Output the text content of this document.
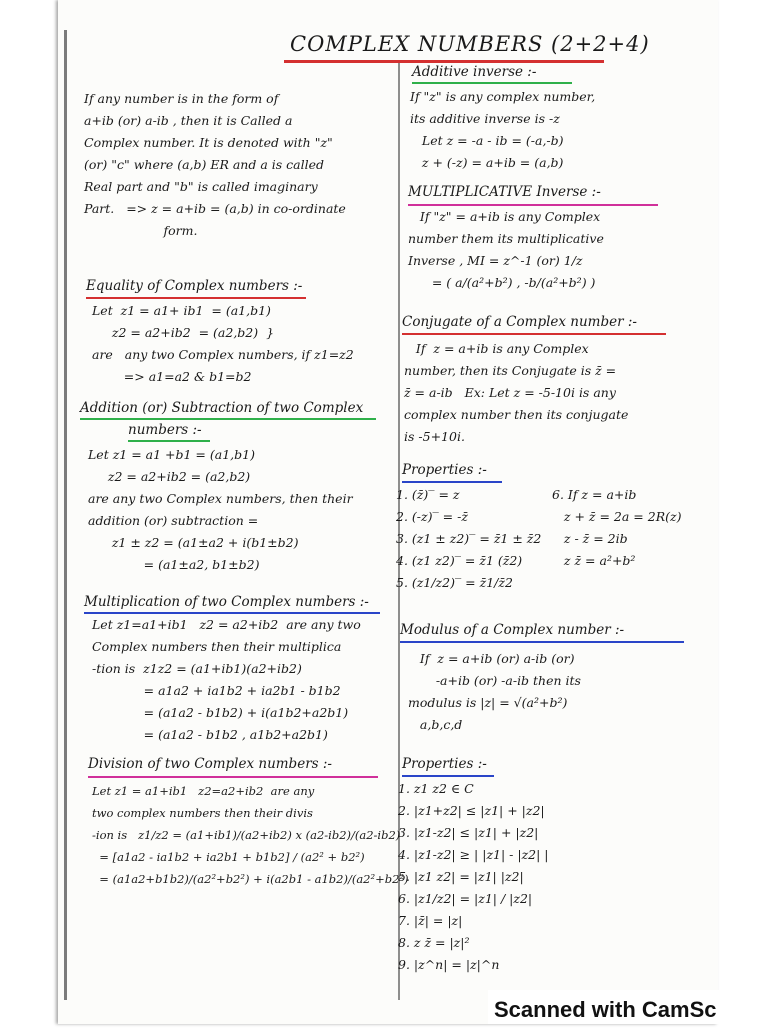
COMPLEX NUMBERS (2+2+4)
If any number is in the form of
a+ib (or) a-ib , then it is Called a
Complex number. It is denoted with "z"
(or) "c" where (a,b) ER and a is called
Real part and "b" is called imaginary
Part.   => z = a+ib = (a,b) in co-ordinate
form.
Equality of Complex numbers :-
Let  z1 = a1+ ib1  = (a1,b1)
z2 = a2+ib2  = (a2,b2)  }
are   any two Complex numbers, if z1=z2
=> a1=a2 & b1=b2
Addition (or) Subtraction of two Complex
numbers :-
Let z1 = a1 +b1 = (a1,b1)
z2 = a2+ib2 = (a2,b2)
are any two Complex numbers, then their
addition (or) subtraction =
z1 ± z2 = (a1±a2 + i(b1±b2)
= (a1±a2, b1±b2)
Multiplication of two Complex numbers :-
Let z1=a1+ib1   z2 = a2+ib2  are any two
Complex numbers then their multiplica
-tion is  z1z2 = (a1+ib1)(a2+ib2)
= a1a2 + ia1b2 + ia2b1 - b1b2
= (a1a2 - b1b2) + i(a1b2+a2b1)
= (a1a2 - b1b2 , a1b2+a2b1)
Division of two Complex numbers :-
Let z1 = a1+ib1   z2=a2+ib2  are any
two complex numbers then their divis
-ion is   z1/z2 = (a1+ib1)/(a2+ib2) x (a2-ib2)/(a2-ib2)
= [a1a2 - ia1b2 + ia2b1 + b1b2] / (a2² + b2²)
= (a1a2+b1b2)/(a2²+b2²) + i(a2b1 - a1b2)/(a2²+b2²)
Additive inverse :-
If "z" is any complex number,
its additive inverse is -z
Let z = -a - ib = (-a,-b)
z + (-z) = a+ib = (a,b)
MULTIPLICATIVE Inverse :-
If "z" = a+ib is any Complex
number them its multiplicative
Inverse , MI = z^-1 (or) 1/z
= ( a/(a²+b²) , -b/(a²+b²) )
Conjugate of a Complex number :-
If  z = a+ib is any Complex
number, then its Conjugate is z̄ =
z̄ = a-ib   Ex: Let z = -5-10i is any
complex number then its conjugate
is -5+10i.
Properties :-
1. (z̄)‾ = z
2. (-z)‾ = -z̄
3. (z1 ± z2)‾ = z̄1 ± z̄2
4. (z1 z2)‾ = z̄1 (z̄2)
5. (z1/z2)‾ = z̄1/z̄2
6. If z = a+ib
z + z̄ = 2a = 2R(z)
z - z̄ = 2ib
z z̄ = a²+b²
Modulus of a Complex number :-
If  z = a+ib (or) a-ib (or)
-a+ib (or) -a-ib then its
modulus is |z| = √(a²+b²)
a,b,c,d
Properties :-
1. z1 z2 ∈ C
2. |z1+z2| ≤ |z1| + |z2|
3. |z1-z2| ≤ |z1| + |z2|
4. |z1-z2| ≥ | |z1| - |z2| |
5. |z1 z2| = |z1| |z2|
6. |z1/z2| = |z1| / |z2|
7. |z̄| = |z|
8. z z̄ = |z|²
9. |z^n| = |z|^n
Scanned with CamSc
